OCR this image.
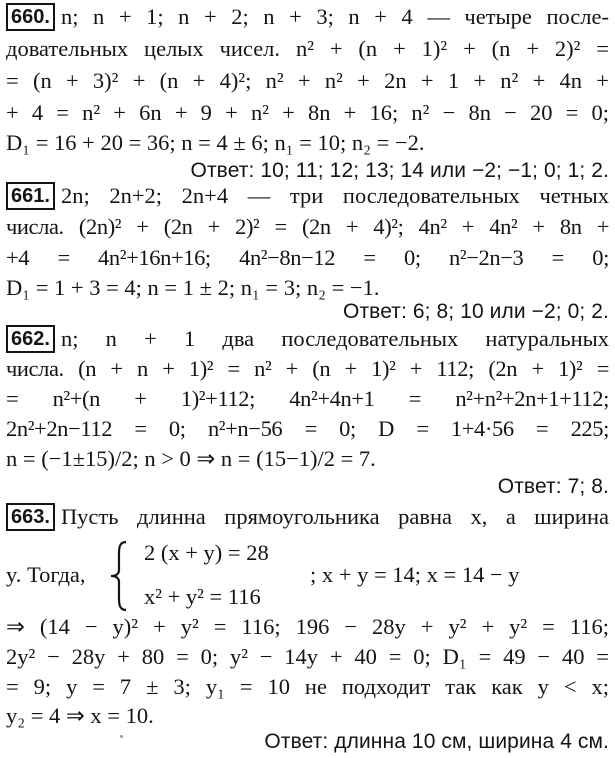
660. n; n + 1; n + 2; n + 3; n + 4 — четыре после-
довательных целых чисел. n² + (n + 1)² + (n + 2)² =
= (n + 3)² + (n + 4)²; n² + n² + 2n + 1 + n² + 4n +
+ 4 = n² + 6n + 9 + n² + 8n + 16; n² − 8n − 20 = 0;
D₁ = 16 + 20 = 36; n = 4 ± 6; n₁ = 10; n₂ = −2.
Ответ: 10; 11; 12; 13; 14 или −2; −1; 0; 1; 2.
661. 2n; 2n+2; 2n+4 — три последовательных четных
числа. (2n)² + (2n + 2)² = (2n + 4)²; 4n² + 4n² + 8n +
+4 = 4n²+16n+16; 4n²−8n−12 = 0; n²−2n−3 = 0;
D₁ = 1 + 3 = 4; n = 1 ± 2; n₁ = 3; n₂ = −1.
Ответ: 6; 8; 10 или −2; 0; 2.
662. n; n + 1 два последовательных натуральных
числа. (n + n + 1)² = n² + (n + 1)² + 112; (2n + 1)² =
= n²+(n + 1)²+112; 4n²+4n+1 = n²+n²+2n+1+112;
2n²+2n−112 = 0; n²+n−56 = 0; D = 1+4·56 = 225;
n = (−1±15)/2; n > 0 ⇒ n = (15−1)/2 = 7.
Ответ: 7; 8.
663. Пусть длинна прямоугольника равна x, а ширина
y. Тогда,
2 (x + y) = 28
x² + y² = 116
; x + y = 14; x = 14 − y
⇒ (14 − y)² + y² = 116; 196 − 28y + y² + y² = 116;
2y² − 28y + 80 = 0; y² − 14y + 40 = 0; D₁ = 49 − 40 =
= 9; y = 7 ± 3; y₁ = 10 не подходит так как y < x;
y₂ = 4 ⇒ x = 10.
Ответ: длинна 10 см, ширина 4 см.
